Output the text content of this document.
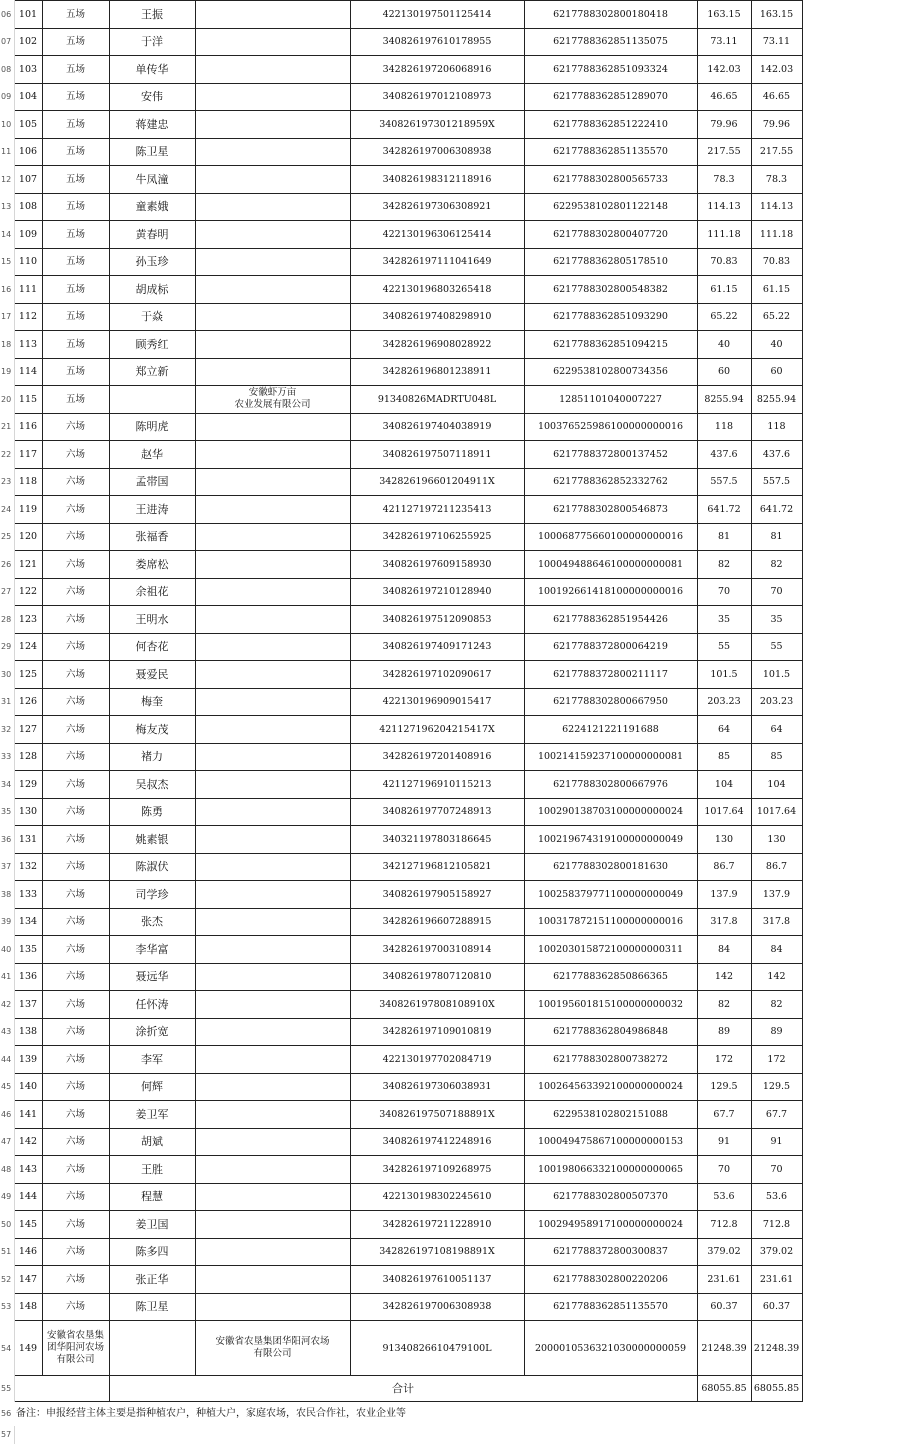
06	101	五场	王振		422130197501125414	6217788302800180418	163.15	163.15	
07	102	五场	于洋		340826197610178955	6217788362851135075	73.11	73.11	
08	103	五场	单传华		342826197206068916	6217788362851093324	142.03	142.03	
09	104	五场	安伟		340826197012108973	6217788362851289070	46.65	46.65	
10	105	五场	蒋建忠		340826197301218959X	6217788362851222410	79.96	79.96	
11	106	五场	陈卫星		342826197006308938	6217788362851135570	217.55	217.55	
12	107	五场	牛凤潼		340826198312118916	6217788302800565733	78.3	78.3	
13	108	五场	童素娥		342826197306308921	6229538102801122148	114.13	114.13	
14	109	五场	黄春明		422130196306125414	6217788302800407720	111.18	111.18	
15	110	五场	孙玉珍		342826197111041649	6217788362805178510	70.83	70.83	
16	111	五场	胡成标		422130196803265418	6217788302800548382	61.15	61.15	
17	112	五场	于焱		340826197408298910	6217788362851093290	65.22	65.22	
18	113	五场	顾秀红		342826196908028922	6217788362851094215	40	40	
19	114	五场	郑立新		342826196801238911	6229538102800734356	60	60	
20	115	五场		安徽虾万亩
农业发展有限公司	91340826MADRTU048L	12851101040007227	8255.94	8255.94	
21	116	六场	陈明虎		340826197404038919	100376525986100000000016	118	118	
22	117	六场	赵华		340826197507118911	6217788372800137452	437.6	437.6	
23	118	六场	孟帯国		342826196601204911X	6217788362852332762	557.5	557.5	
24	119	六场	王进涛		421127197211235413	6217788302800546873	641.72	641.72	
25	120	六场	张福香		342826197106255925	100068775660100000000016	81	81	
26	121	六场	娄席松		340826197609158930	100049488646100000000081	82	82	
27	122	六场	余祖花		340826197210128940	100192661418100000000016	70	70	
28	123	六场	王明水		340826197512090853	6217788362851954426	35	35	
29	124	六场	何杏花		340826197409171243	6217788372800064219	55	55	
30	125	六场	聂爱民		342826197102090617	6217788372800211117	101.5	101.5	
31	126	六场	梅奎		422130196909015417	6217788302800667950	203.23	203.23	
32	127	六场	梅友茂		421127196204215417X	6224121221191688	64	64	
33	128	六场	褚力		342826197201408916	100214159237100000000081	85	85	
34	129	六场	吴叔杰		421127196910115213	6217788302800667976	104	104	
35	130	六场	陈勇		340826197707248913	100290138703100000000024	1017.64	1017.64	
36	131	六场	姚素银		340321197803186645	100219674319100000000049	130	130	
37	132	六场	陈淑伏		342127196812105821	6217788302800181630	86.7	86.7	
38	133	六场	司学珍		340826197905158927	100258379771100000000049	137.9	137.9	
39	134	六场	张杰		342826196607288915	100317872151100000000016	317.8	317.8	
40	135	六场	李华富		342826197003108914	100203015872100000000311	84	84	
41	136	六场	聂远华		340826197807120810	6217788362850866365	142	142	
42	137	六场	任怀涛		340826197808108910X	100195601815100000000032	82	82	
43	138	六场	涂折宽		342826197109010819	6217788362804986848	89	89	
44	139	六场	李军		422130197702084719	6217788302800738272	172	172	
45	140	六场	何辉		340826197306038931	100264563392100000000024	129.5	129.5	
46	141	六场	姜卫军		340826197507188891X	6229538102802151088	67.7	67.7	
47	142	六场	胡斌		340826197412248916	100049475867100000000153	91	91	
48	143	六场	王胜		342826197109268975	100198066332100000000065	70	70	
49	144	六场	程慧		422130198302245610	6217788302800507370	53.6	53.6	
50	145	六场	姜卫国		342826197211228910	100294958917100000000024	712.8	712.8	
51	146	六场	陈多四		342826197108198891X	6217788372800300837	379.02	379.02	
52	147	六场	张正华		340826197610051137	6217788302800220206	231.61	231.61	
53	148	六场	陈卫星		342826197006308938	6217788362851135570	60.37	60.37	
54	149	安徽省农垦集
团华阳河农场
有限公司		安徽省农垦集团华阳河农场
有限公司	91340826610479100L	2000010536321030000000059	21248.39	21248.39	
55			合计				68055.85	68055.85	
56	备注：申报经营主体主要是指种植农户，种植大户，家庭农场，农民合作社，农业企业等								
57									
